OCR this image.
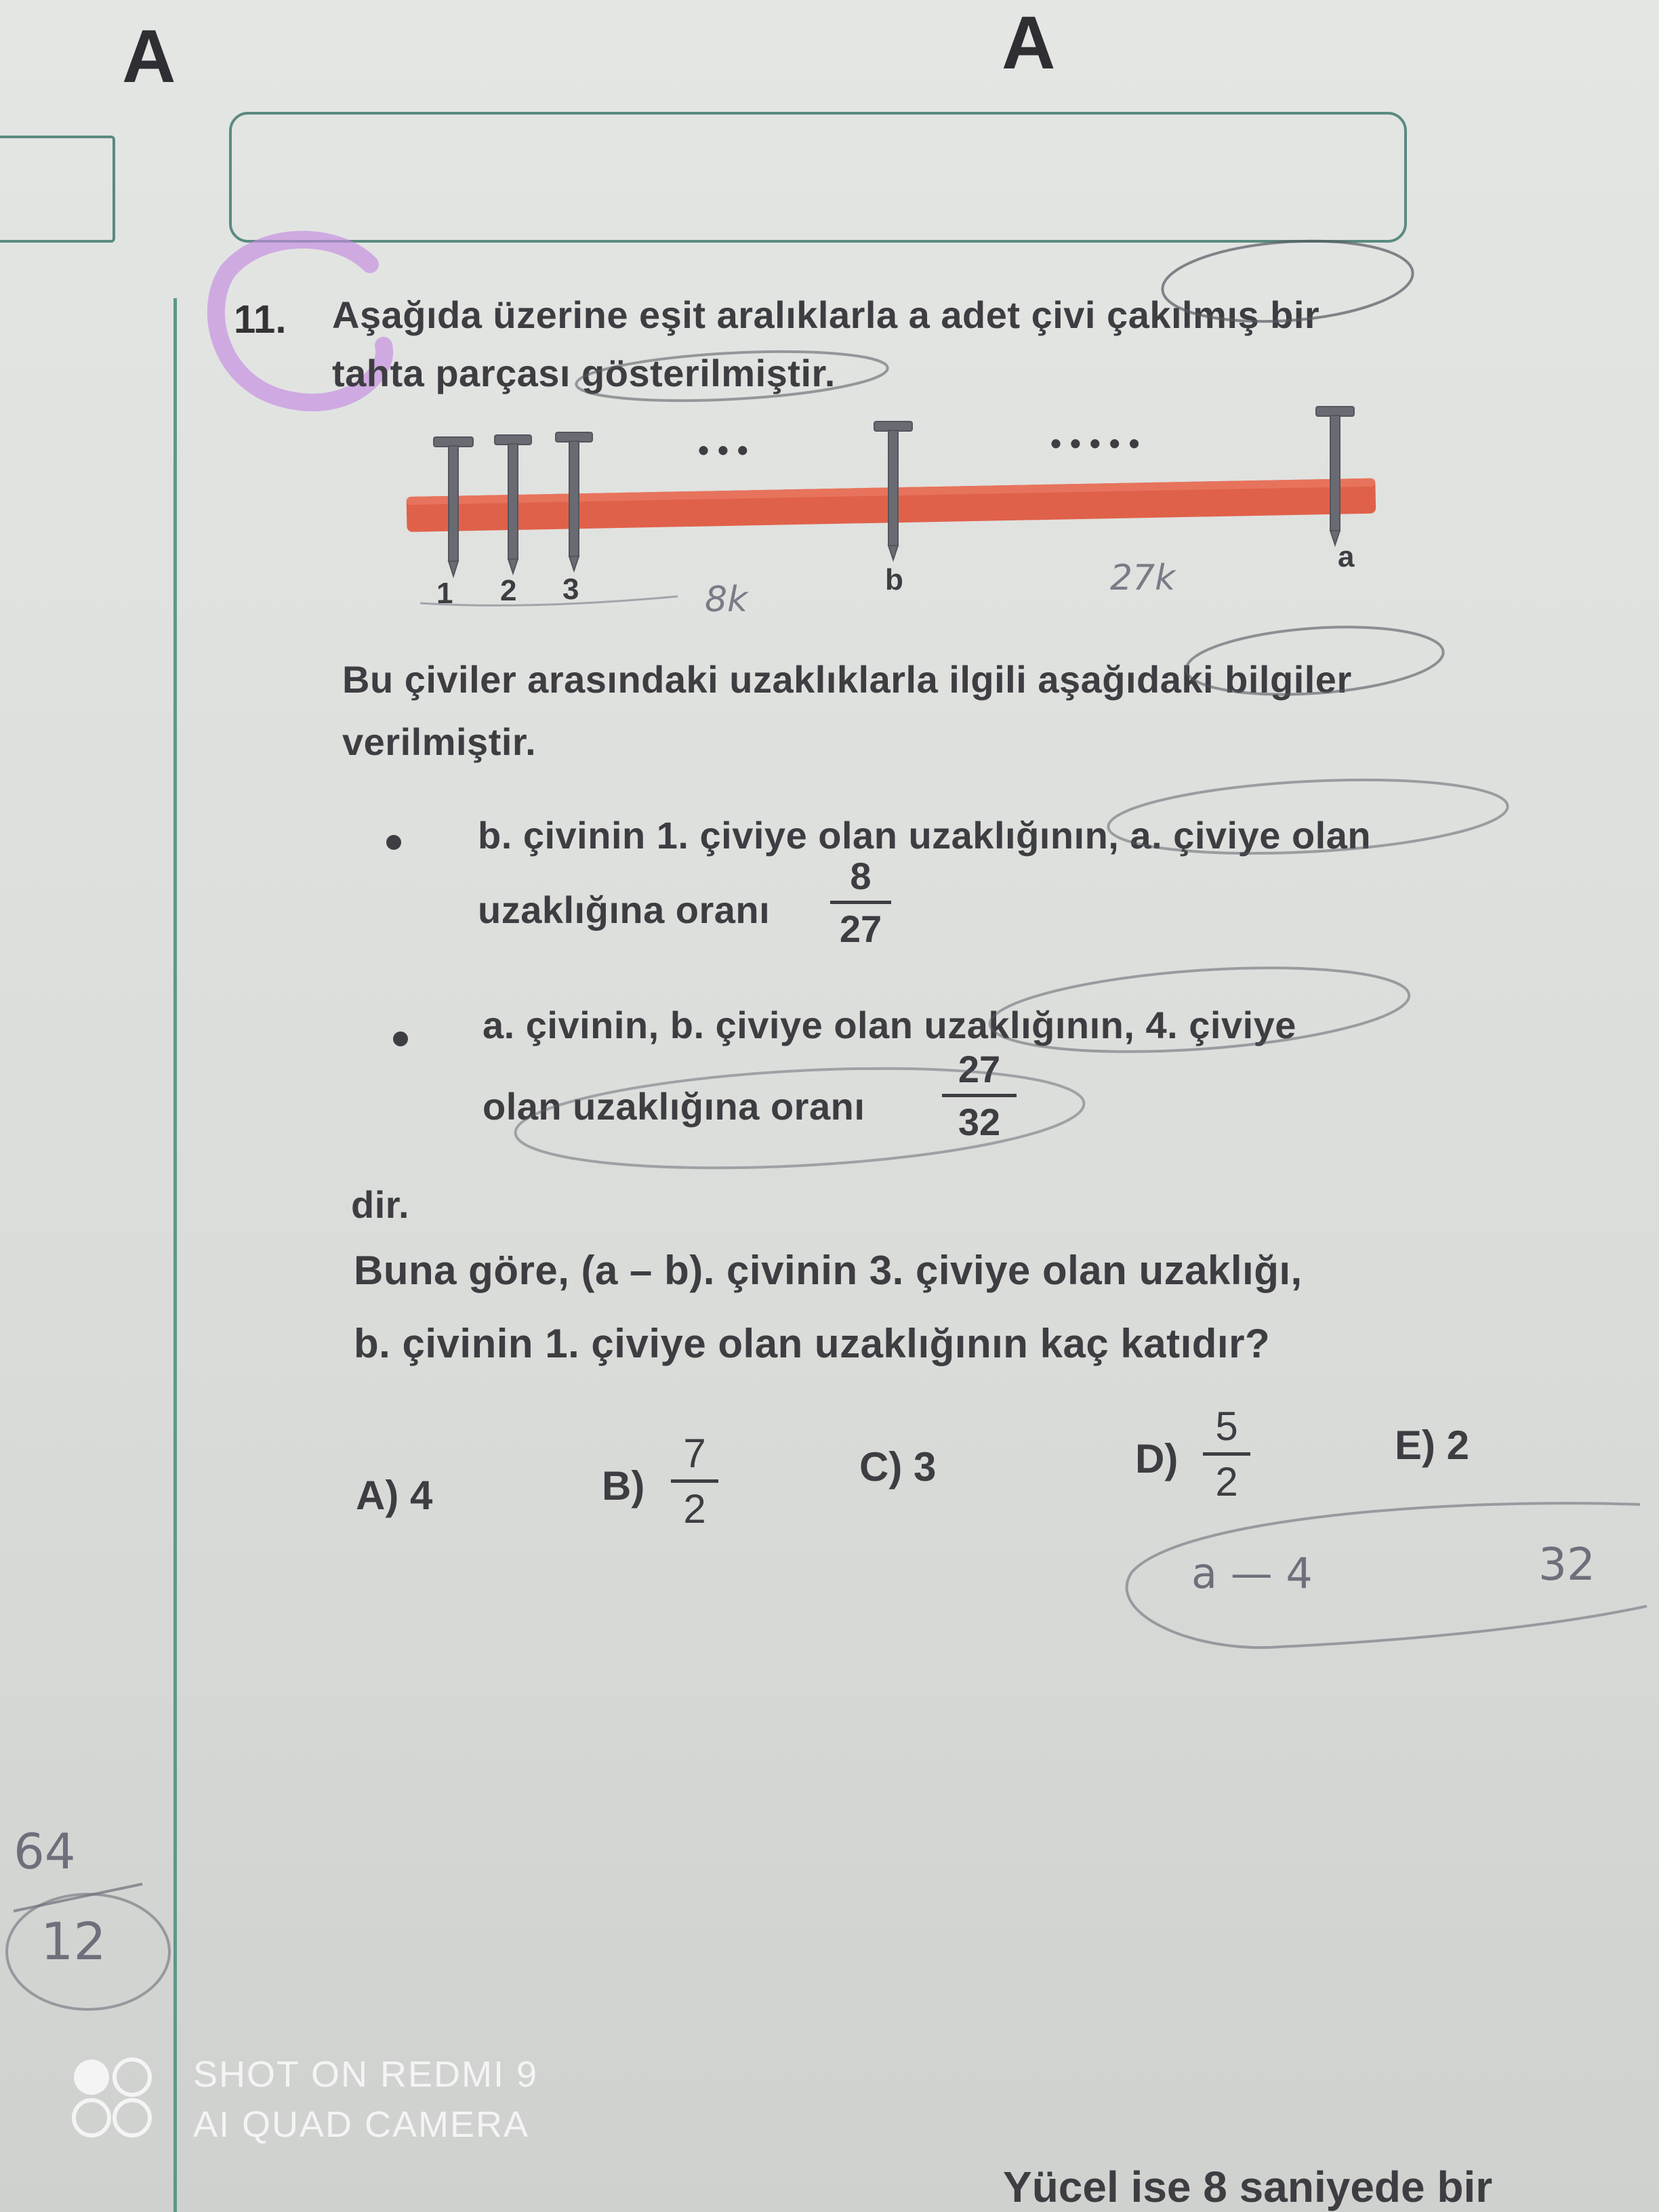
A	A
11. Aşağıda üzerine eşit aralıklarla a adet çivi çakılmış bir
tahta parçası gösterilmiştir.
• • •	• • • • •
1 2 3	b
a
8k
27k
Bu çiviler arasındaki uzaklıklarla ilgili aşağıdaki bilgiler
verilmiştir.
b. çivinin 1. çiviye olan uzaklığının, a. çiviye olan
uzaklığına oranı
8
27
a. çivinin, b. çiviye olan uzaklığının, 4. çiviye
olan uzaklığına oranı
27
32
dir.
Buna göre, (a – b). çivinin 3. çiviye olan uzaklığı,
b. çivinin 1. çiviye olan uzaklığının kaç katıdır?
A) 4	B)
7
2
C) 3	D)
5
2
E) 2
a — 4	32
64
12
SHOT ON REDMI 9
AI QUAD CAMERA
Yücel ise 8 saniyede bir
